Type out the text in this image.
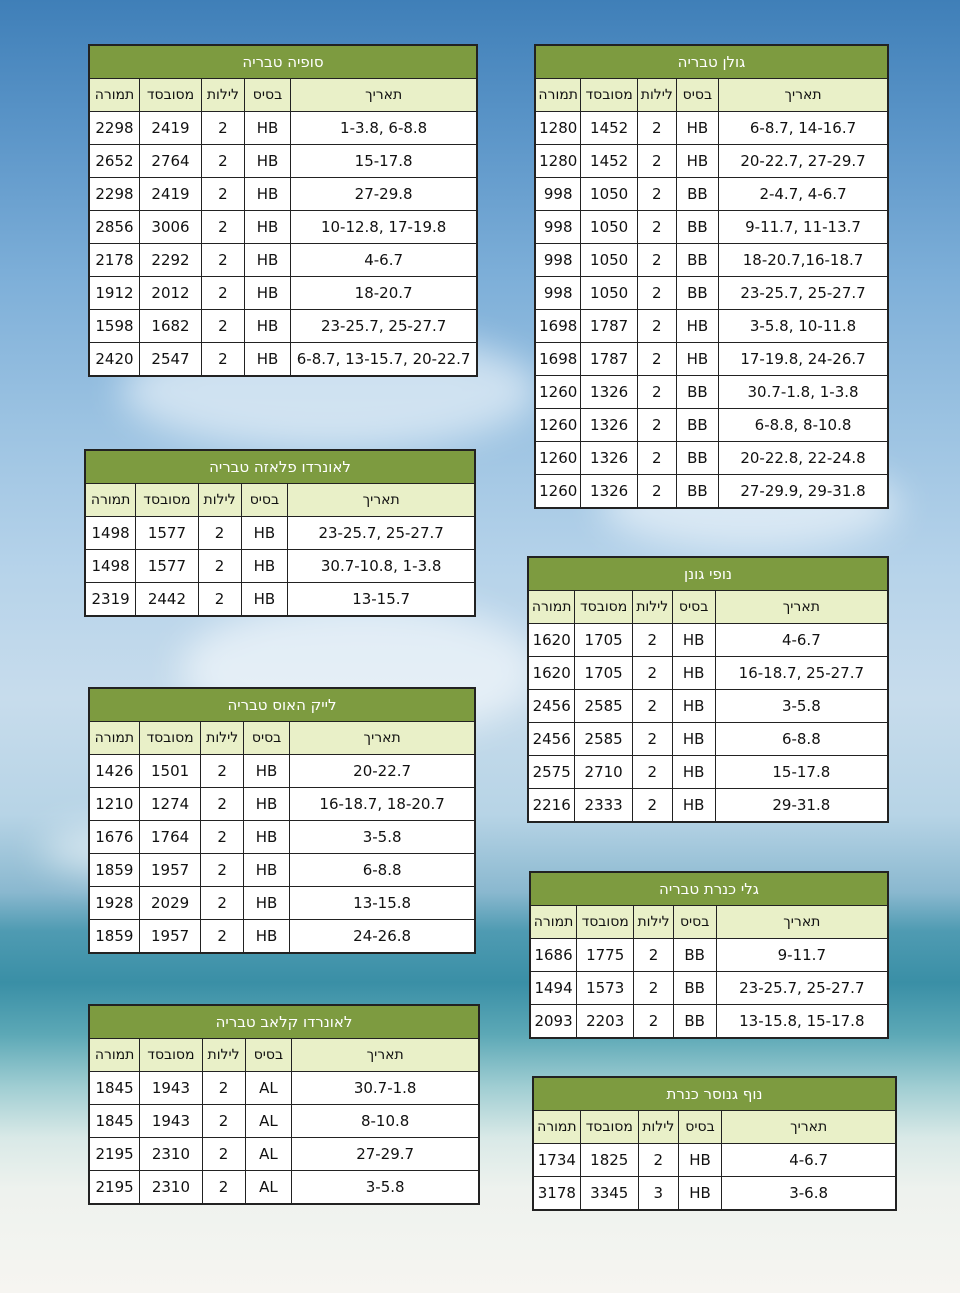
גולן טבריה				
תאריך	בסיס	לילות	מסובסד	תמורה
14-16.7 ,6-8.7	HB	2	1452	1280
27-29.7 ,20-22.7	HB	2	1452	1280
4-6.7 ,2-4.7	BB	2	1050	998
11-13.7 ,9-11.7	BB	2	1050	998
18-20.7,16-18.7	BB	2	1050	998
25-27.7 ,23-25.7	BB	2	1050	998
10-11.8 ,3-5.8	HB	2	1787	1698
24-26.7 ,17-19.8	HB	2	1787	1698
1-3.8 ,30.7-1.8	BB	2	1326	1260
8-10.8 ,6-8.8	BB	2	1326	1260
22-24.8 ,20-22.8	BB	2	1326	1260
29-31.8 ,27-29.9	BB	2	1326	1260
סופיה טבריה				
תאריך	בסיס	לילות	מסובסד	תמורה
6-8.8 ,1-3.8	HB	2	2419	2298
15-17.8	HB	2	2764	2652
27-29.8	HB	2	2419	2298
17-19.8 ,10-12.8	HB	2	3006	2856
4-6.7	HB	2	2292	2178
18-20.7	HB	2	2012	1912
25-27.7 ,23-25.7	HB	2	1682	1598
20-22.7 ,13-15.7 ,6-8.7	HB	2	2547	2420
לאונרדו פלאזה טבריה				
תאריך	בסיס	לילות	מסובסד	תמורה
25-27.7 ,23-25.7	HB	2	1577	1498
1-3.8 ,30.7-10.8	HB	2	1577	1498
13-15.7	HB	2	2442	2319
נופי גונן				
תאריך	בסיס	לילות	מסובסד	תמורה
4-6.7	HB	2	1705	1620
25-27.7 ,16-18.7	HB	2	1705	1620
3-5.8	HB	2	2585	2456
6-8.8	HB	2	2585	2456
15-17.8	HB	2	2710	2575
29-31.8	HB	2	2333	2216
לייק האוס טבריה				
תאריך	בסיס	לילות	מסובסד	תמורה
20-22.7	HB	2	1501	1426
18-20.7 ,16-18.7	HB	2	1274	1210
3-5.8	HB	2	1764	1676
6-8.8	HB	2	1957	1859
13-15.8	HB	2	2029	1928
24-26.8	HB	2	1957	1859
גלי כנרת טבריה				
תאריך	בסיס	לילות	מסובסד	תמורה
9-11.7	BB	2	1775	1686
25-27.7 ,23-25.7	BB	2	1573	1494
15-17.8 ,13-15.8	BB	2	2203	2093
לאונרדו קלאב טבריה				
תאריך	בסיס	לילות	מסובסד	תמורה
30.7-1.8	AL	2	1943	1845
8-10.8	AL	2	1943	1845
27-29.7	AL	2	2310	2195
3-5.8	AL	2	2310	2195
נוף גנוסר כנרת				
תאריך	בסיס	לילות	מסובסד	תמורה
4-6.7	HB	2	1825	1734
3-6.8	HB	3	3345	3178
